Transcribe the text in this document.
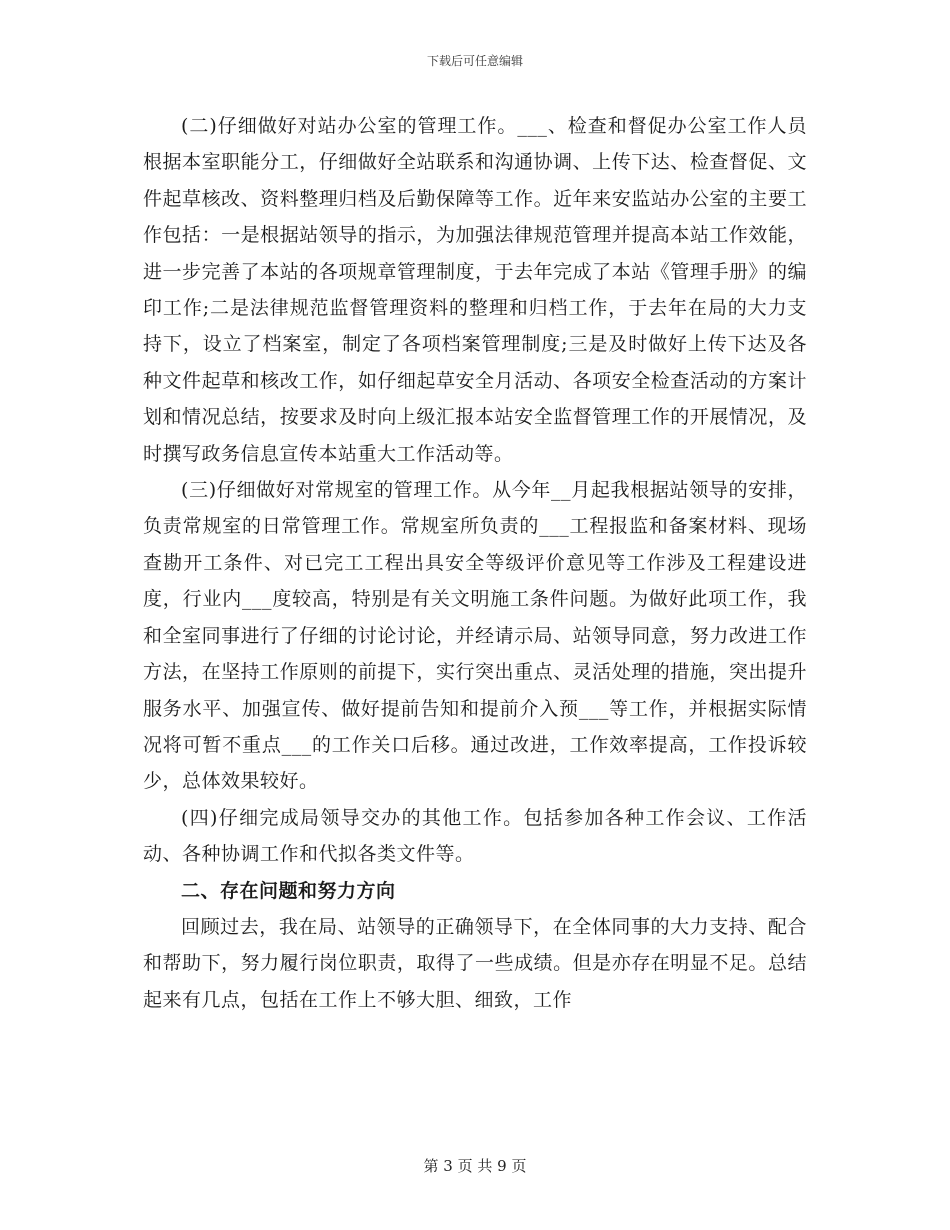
下载后可任意编辑

(二)仔细做好对站办公室的管理工作。___、检查和督促办公室工作人员根据本室职能分工，仔细做好全站联系和沟通协调、上传下达、检查督促、文件起草核改、资料整理归档及后勤保障等工作。近年来安监站办公室的主要工作包括：一是根据站领导的指示，为加强法律规范管理并提高本站工作效能，进一步完善了本站的各项规章管理制度，于去年完成了本站《管理手册》的编印工作;二是法律规范监督管理资料的整理和归档工作，于去年在局的大力支持下，设立了档案室，制定了各项档案管理制度;三是及时做好上传下达及各种文件起草和核改工作，如仔细起草安全月活动、各项安全检查活动的方案计划和情况总结，按要求及时向上级汇报本站安全监督管理工作的开展情况，及时撰写政务信息宣传本站重大工作活动等。

(三)仔细做好对常规室的管理工作。从今年__月起我根据站领导的安排，负责常规室的日常管理工作。常规室所负责的___工程报监和备案材料、现场查勘开工条件、对已完工工程出具安全等级评价意见等工作涉及工程建设进度，行业内___度较高，特别是有关文明施工条件问题。为做好此项工作，我和全室同事进行了仔细的讨论讨论，并经请示局、站领导同意，努力改进工作方法，在坚持工作原则的前提下，实行突出重点、灵活处理的措施，突出提升服务水平、加强宣传、做好提前告知和提前介入预___等工作，并根据实际情况将可暂不重点___的工作关口后移。通过改进，工作效率提高，工作投诉较少，总体效果较好。

(四)仔细完成局领导交办的其他工作。包括参加各种工作会议、工作活动、各种协调工作和代拟各类文件等。

二、存在问题和努力方向

回顾过去，我在局、站领导的正确领导下，在全体同事的大力支持、配合和帮助下，努力履行岗位职责，取得了一些成绩。但是亦存在明显不足。总结起来有几点，包括在工作上不够大胆、细致，工作

第 3 页 共 9 页
